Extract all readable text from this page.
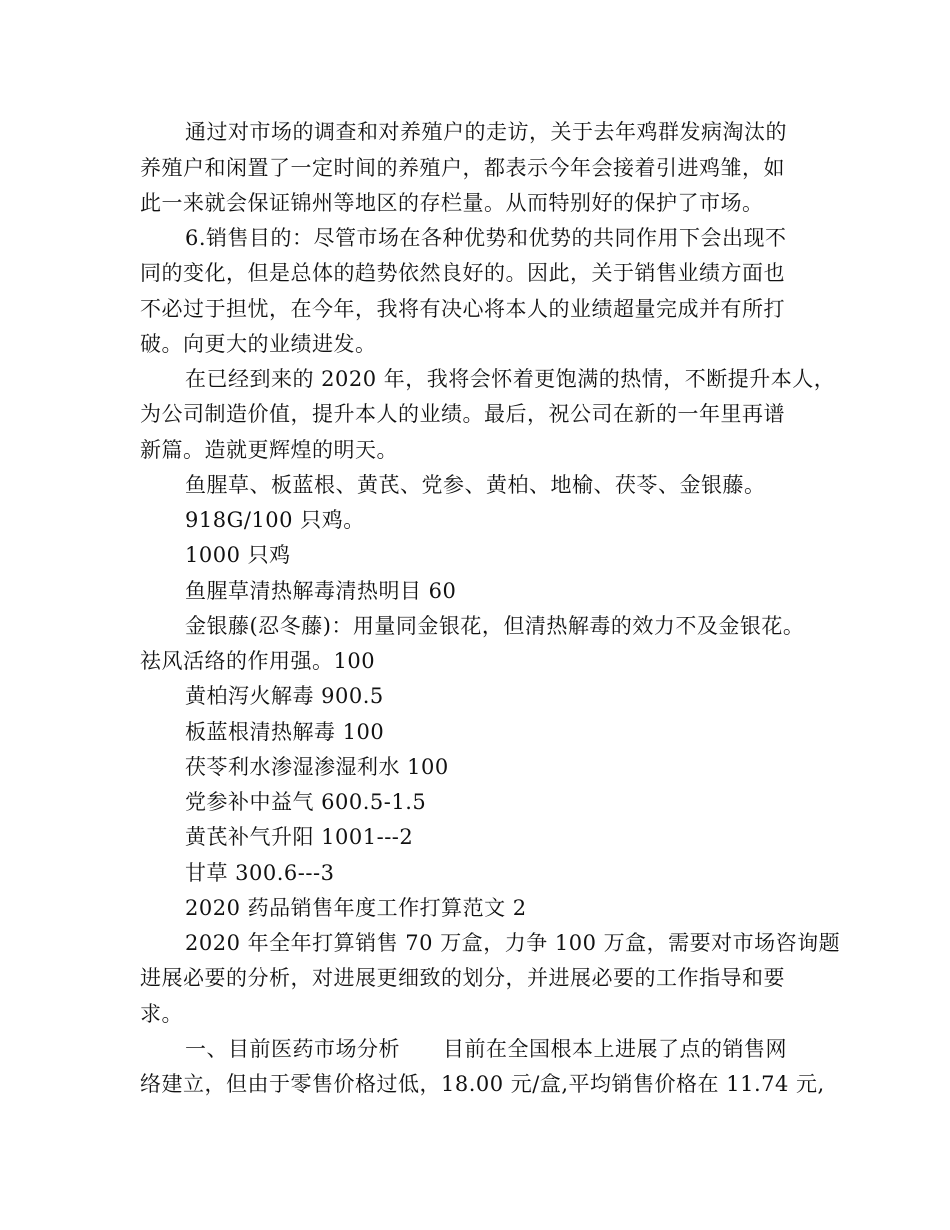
通过对市场的调查和对养殖户的走访，关于去年鸡群发病淘汰的
养殖户和闲置了一定时间的养殖户，都表示今年会接着引进鸡雏，如
此一来就会保证锦州等地区的存栏量。从而特别好的保护了市场。
6.销售目的：尽管市场在各种优势和优势的共同作用下会出现不
同的变化，但是总体的趋势依然良好的。因此，关于销售业绩方面也
不必过于担忧，在今年，我将有决心将本人的业绩超量完成并有所打
破。向更大的业绩进发。
在已经到来的 2020 年，我将会怀着更饱满的热情，不断提升本人，
为公司制造价值，提升本人的业绩。最后，祝公司在新的一年里再谱
新篇。造就更辉煌的明天。
鱼腥草、板蓝根、黄芪、党参、黄柏、地榆、茯苓、金银藤。
918G/100 只鸡。
1000 只鸡
鱼腥草清热解毒清热明目 60
金银藤(忍冬藤)：用量同金银花，但清热解毒的效力不及金银花。
祛风活络的作用强。100
黄柏泻火解毒 900.5
板蓝根清热解毒 100
茯苓利水渗湿渗湿利水 100
党参补中益气 600.5-1.5
黄芪补气升阳 1001---2
甘草 300.6---3
2020 药品销售年度工作打算范文 2
2020 年全年打算销售 70 万盒，力争 100 万盒，需要对市场咨询题
进展必要的分析，对进展更细致的划分，并进展必要的工作指导和要
求。
一、目前医药市场分析　　目前在全国根本上进展了点的销售网
络建立，但由于零售价格过低，18.00 元/盒,平均销售价格在 11.74 元,
